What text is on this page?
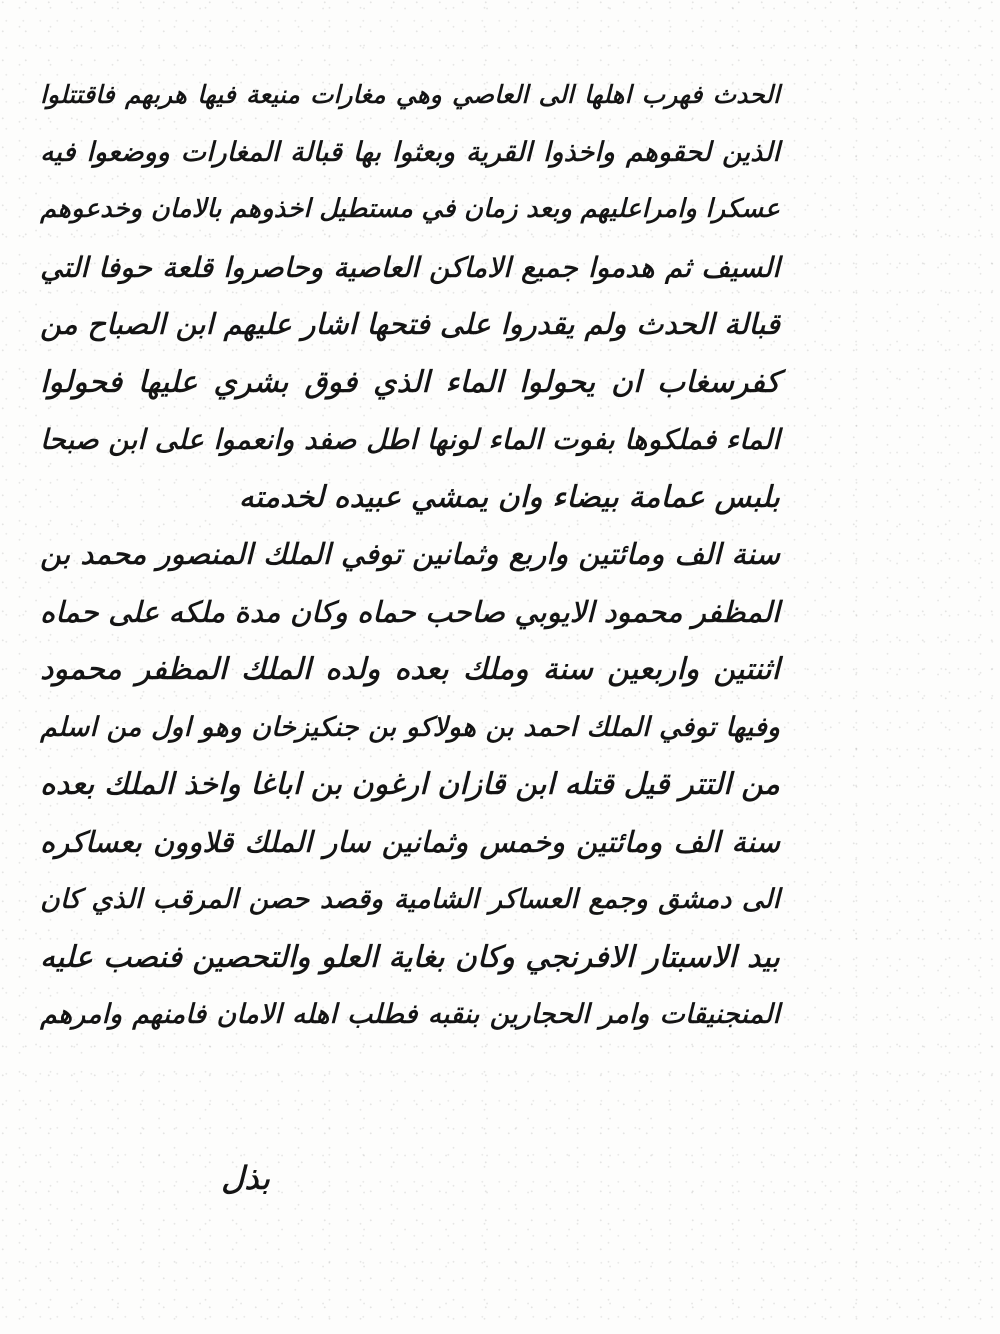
الحدث فهرب اهلها الى العاصي وهي مغارات منيعة فيها هربهم فاقتتلوا
الذين لحقوهم واخذوا القرية وبعثوا بها قبالة المغارات ووضعوا فيه
عسكرا وامراعليهم وبعد زمان في مستطيل اخذوهم بالامان وخدعوهم
السيف ثم هدموا جميع الاماكن العاصية وحاصروا قلعة حوفا التي
قبالة الحدث ولم يقدروا على فتحها اشار عليهم ابن الصباح من
كفرسغاب ان يحولوا الماء الذي فوق بشري عليها فحولوا
الماء فملكوها بفوت الماء لونها اطل صفد وانعموا على ابن صبحا
بلبس عمامة بيضاء وان يمشي عبيده لخدمته
سنة الف ومائتين واربع وثمانين توفي الملك المنصور محمد بن
المظفر محمود الايوبي صاحب حماه وكان مدة ملكه على حماه
اثنتين واربعين سنة وملك بعده ولده الملك المظفر محمود
وفيها توفي الملك احمد بن هولاكو بن جنكيزخان وهو اول من اسلم
من التتر قيل قتله ابن قازان ارغون بن اباغا واخذ الملك بعده
سنة الف ومائتين وخمس وثمانين سار الملك قلاوون بعساكره
الى دمشق وجمع العساكر الشامية وقصد حصن المرقب الذي كان
بيد الاسبتار الافرنجي وكان بغاية العلو والتحصين فنصب عليه
المنجنيقات وامر الحجارين بنقبه فطلب اهله الامان فامنهم وامرهم
بذل
